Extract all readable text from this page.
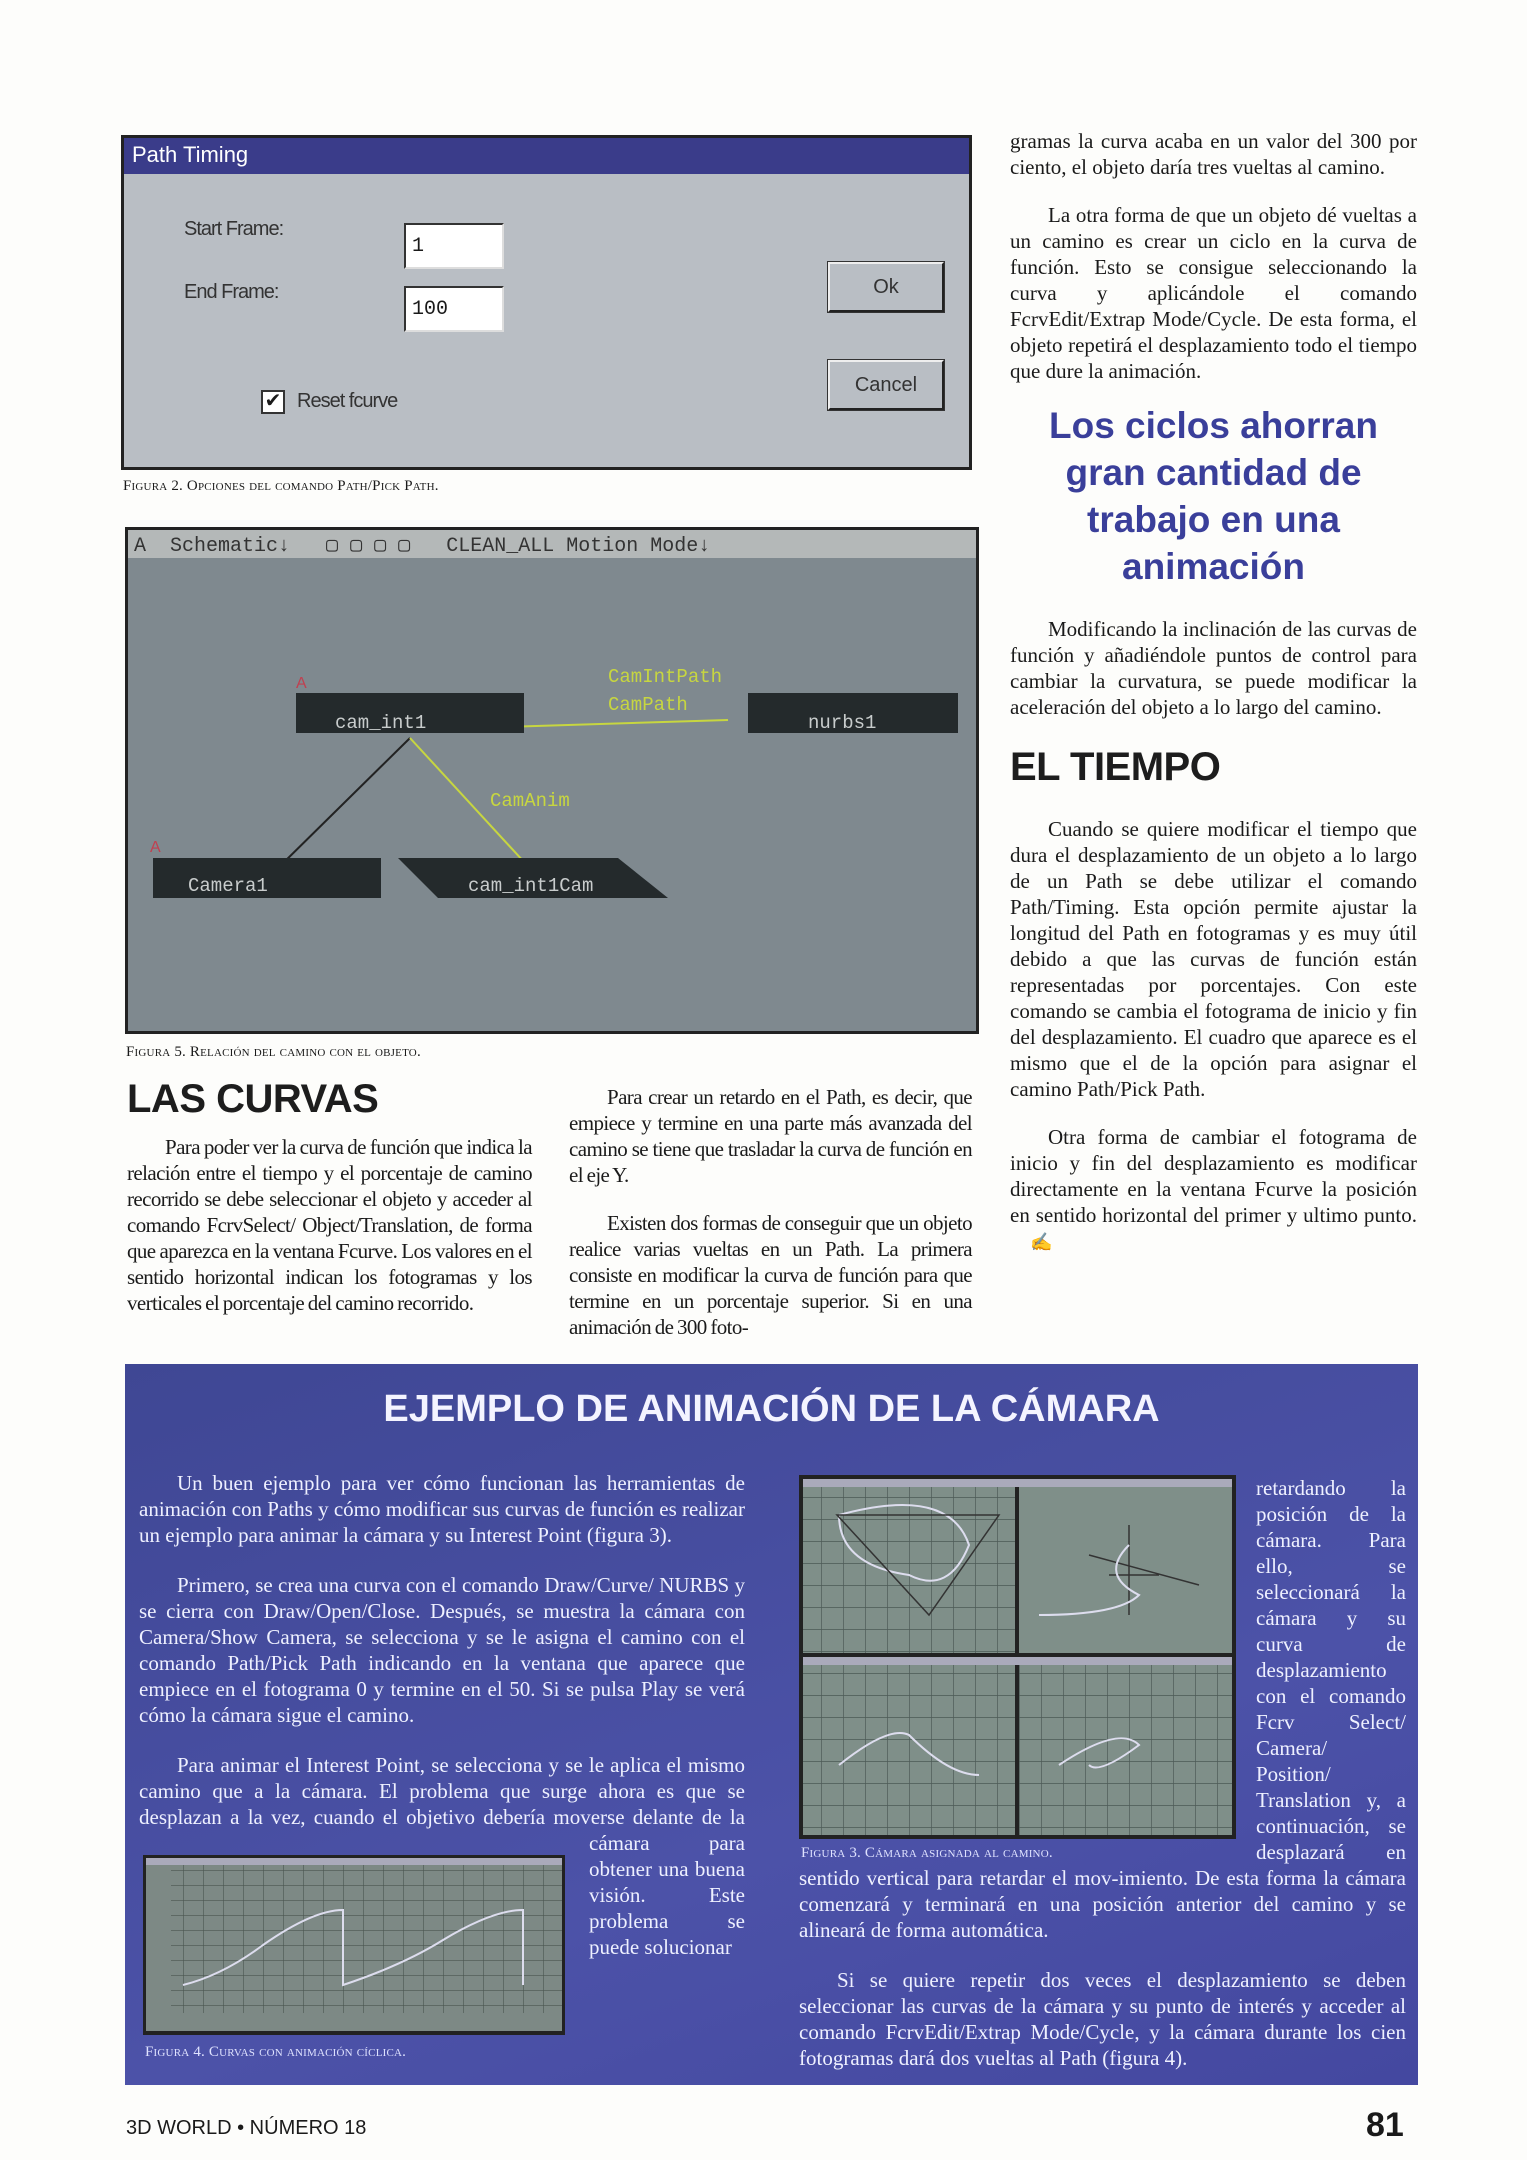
Path Timing
Start Frame:
1
End Frame:
100
✔ Reset fcurve
Ok
Cancel
Figura 2. Opciones del comando Path/Pick Path.
A  Schematic↓   ▢ ▢ ▢ ▢   CLEAN_ALL Motion Mode↓
cam_int1	nurbs1
Camera1	cam_int1Cam
CamIntPath
CamPath
CamAnim
A
A
Figura 5. Relación del camino con el objeto.
LAS CURVAS
Para poder ver la curva de función que indica la relación entre el tiempo y el porcentaje de camino recorrido se debe seleccionar el objeto y acceder al comando FcrvSelect/ Object/Translation, de forma que aparezca en la ventana Fcurve. Los valores en el sentido horizontal indican los fotogramas y los verticales el porcentaje del camino recorrido.
Para crear un retardo en el Path, es decir, que empiece y termine en una parte más avanzada del camino se tiene que trasladar la curva de función en el eje Y.
Existen dos formas de conseguir que un objeto realice varias vueltas en un Path. La primera consiste en modificar la curva de función para que termine en un porcentaje superior. Si en una animación de 300 foto-
gramas la curva acaba en un valor del 300 por ciento, el objeto daría tres vueltas al camino.
La otra forma de que un objeto dé vueltas a un camino es crear un ciclo en la curva de función. Esto se consigue seleccionando la curva y aplicándole el comando FcrvEdit/Extrap Mode/Cycle. De esta forma, el objeto repetirá el desplazamiento todo el tiempo que dure la animación.
Los ciclos ahorran gran cantidad de trabajo en una animación
Modificando la inclinación de las curvas de función y añadiéndole puntos de control para cambiar la curvatura, se puede modificar la aceleración del objeto a lo largo del camino.
EL TIEMPO
Cuando se quiere modificar el tiempo que dura el desplazamiento de un objeto a lo largo de un Path se debe utilizar el comando Path/Timing. Esta opción permite ajustar la longitud del Path en fotogramas y es muy útil debido a que las curvas de función están representadas por porcentajes. Con este comando se cambia el fotograma de inicio y fin del desplazamiento. El cuadro que aparece es el mismo que el de la opción para asignar el camino Path/Pick Path.
Otra forma de cambiar el fotograma de inicio y fin del desplazamiento es modificar directamente en la ventana Fcurve la posición en sentido horizontal del primer y ultimo punto. ✍
EJEMPLO DE ANIMACIÓN DE LA CÁMARA
Figura 4. Curvas con animación cíclica.
Un buen ejemplo para ver cómo funcionan las herramientas de animación con Paths y cómo modificar sus curvas de función es realizar un ejemplo para animar la cámara y su Interest Point (figura 3).
Primero, se crea una curva con el comando Draw/Curve/ NURBS y se cierra con Draw/Open/Close. Después, se muestra la cámara con Camera/Show Camera, se selecciona y se le asigna el camino con el comando Path/Pick Path indicando en la ventana que aparece que empiece en el fotograma 0 y termine en el 50. Si se pulsa Play se verá cómo la cámara sigue el camino.
Para animar el Interest Point, se selecciona y se le aplica el mismo camino que a la cámara. El problema que surge ahora es que se desplazan a la vez, cuando el objetivo debería moverse delante de la cámara para obtener una buena visión. Este problema se puede solucionar
Figura 3. Cámara asignada al camino.
retardando la posición de la cámara. Para ello, se seleccionará la cámara y su curva de desplazamiento con el comando Fcrv Select/ Camera/ Position/ Translation y, a continuación, se desplazará en sentido vertical para retardar el mov-imiento. De esta forma la cámara comenzará y terminará en una posición anterior del camino y se alineará de forma automática.
Si se quiere repetir dos veces el desplazamiento se deben seleccionar las curvas de la cámara y su punto de interés y acceder al comando FcrvEdit/Extrap Mode/Cycle, y la cámara durante los cien fotogramas dará dos vueltas al Path (figura 4).
3D WORLD • NÚMERO 18	81
